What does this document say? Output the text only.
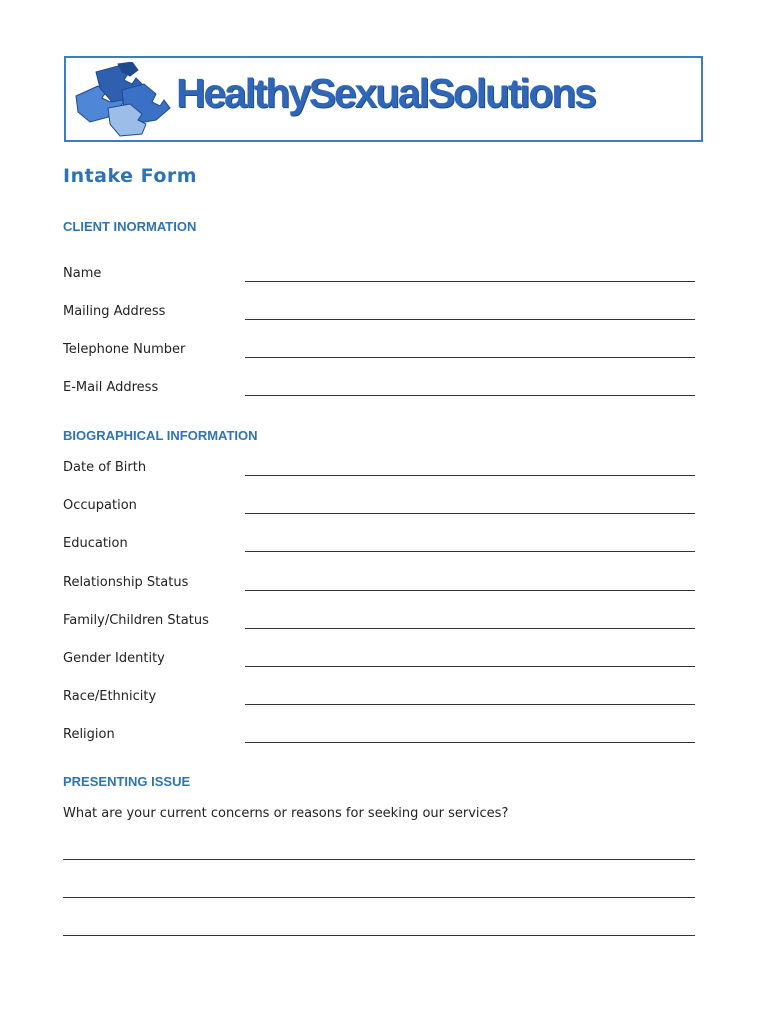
HealthySexualSolutions
Intake Form
CLIENT INORMATION
Name
Mailing Address
Telephone Number
E-Mail Address
BIOGRAPHICAL INFORMATION
Date of Birth
Occupation
Education
Relationship Status
Family/Children Status
Gender Identity
Race/Ethnicity
Religion
PRESENTING ISSUE
What are your current concerns or reasons for seeking our services?
